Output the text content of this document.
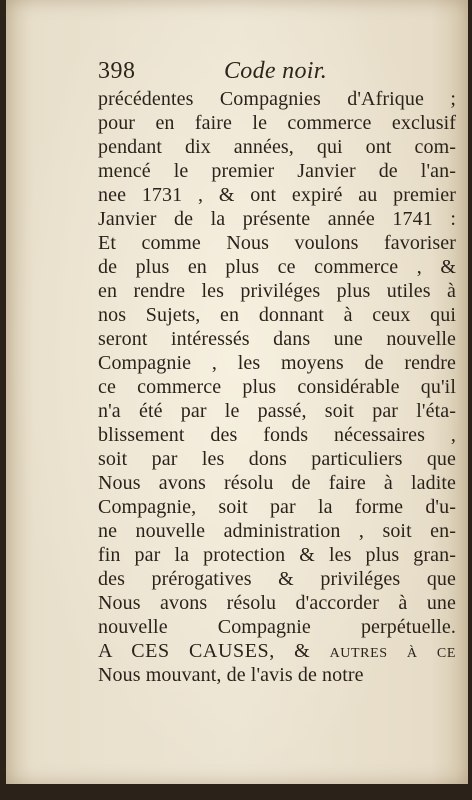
398	Code noir.
précédentes Compagnies d'Afrique ;
pour en faire le commerce exclusif
pendant dix années, qui ont com-
mencé le premier Janvier de l'an-
nee 1731 , & ont expiré au premier
Janvier de la présente année 1741 :
Et comme Nous voulons favoriser
de plus en plus ce commerce , &
en rendre les priviléges plus utiles à
nos Sujets, en donnant à ceux qui
seront intéressés dans une nouvelle
Compagnie , les moyens de rendre
ce commerce plus considérable qu'il
n'a été par le passé, soit par l'éta-
blissement des fonds nécessaires ,
soit par les dons particuliers que
Nous avons résolu de faire à ladite
Compagnie, soit par la forme d'u-
ne nouvelle administration , soit en-
fin par la protection & les plus gran-
des prérogatives & priviléges que
Nous avons résolu d'accorder à une
nouvelle Compagnie perpétuelle.
A CES CAUSES, & autres à ce
Nous mouvant, de l'avis de notre
